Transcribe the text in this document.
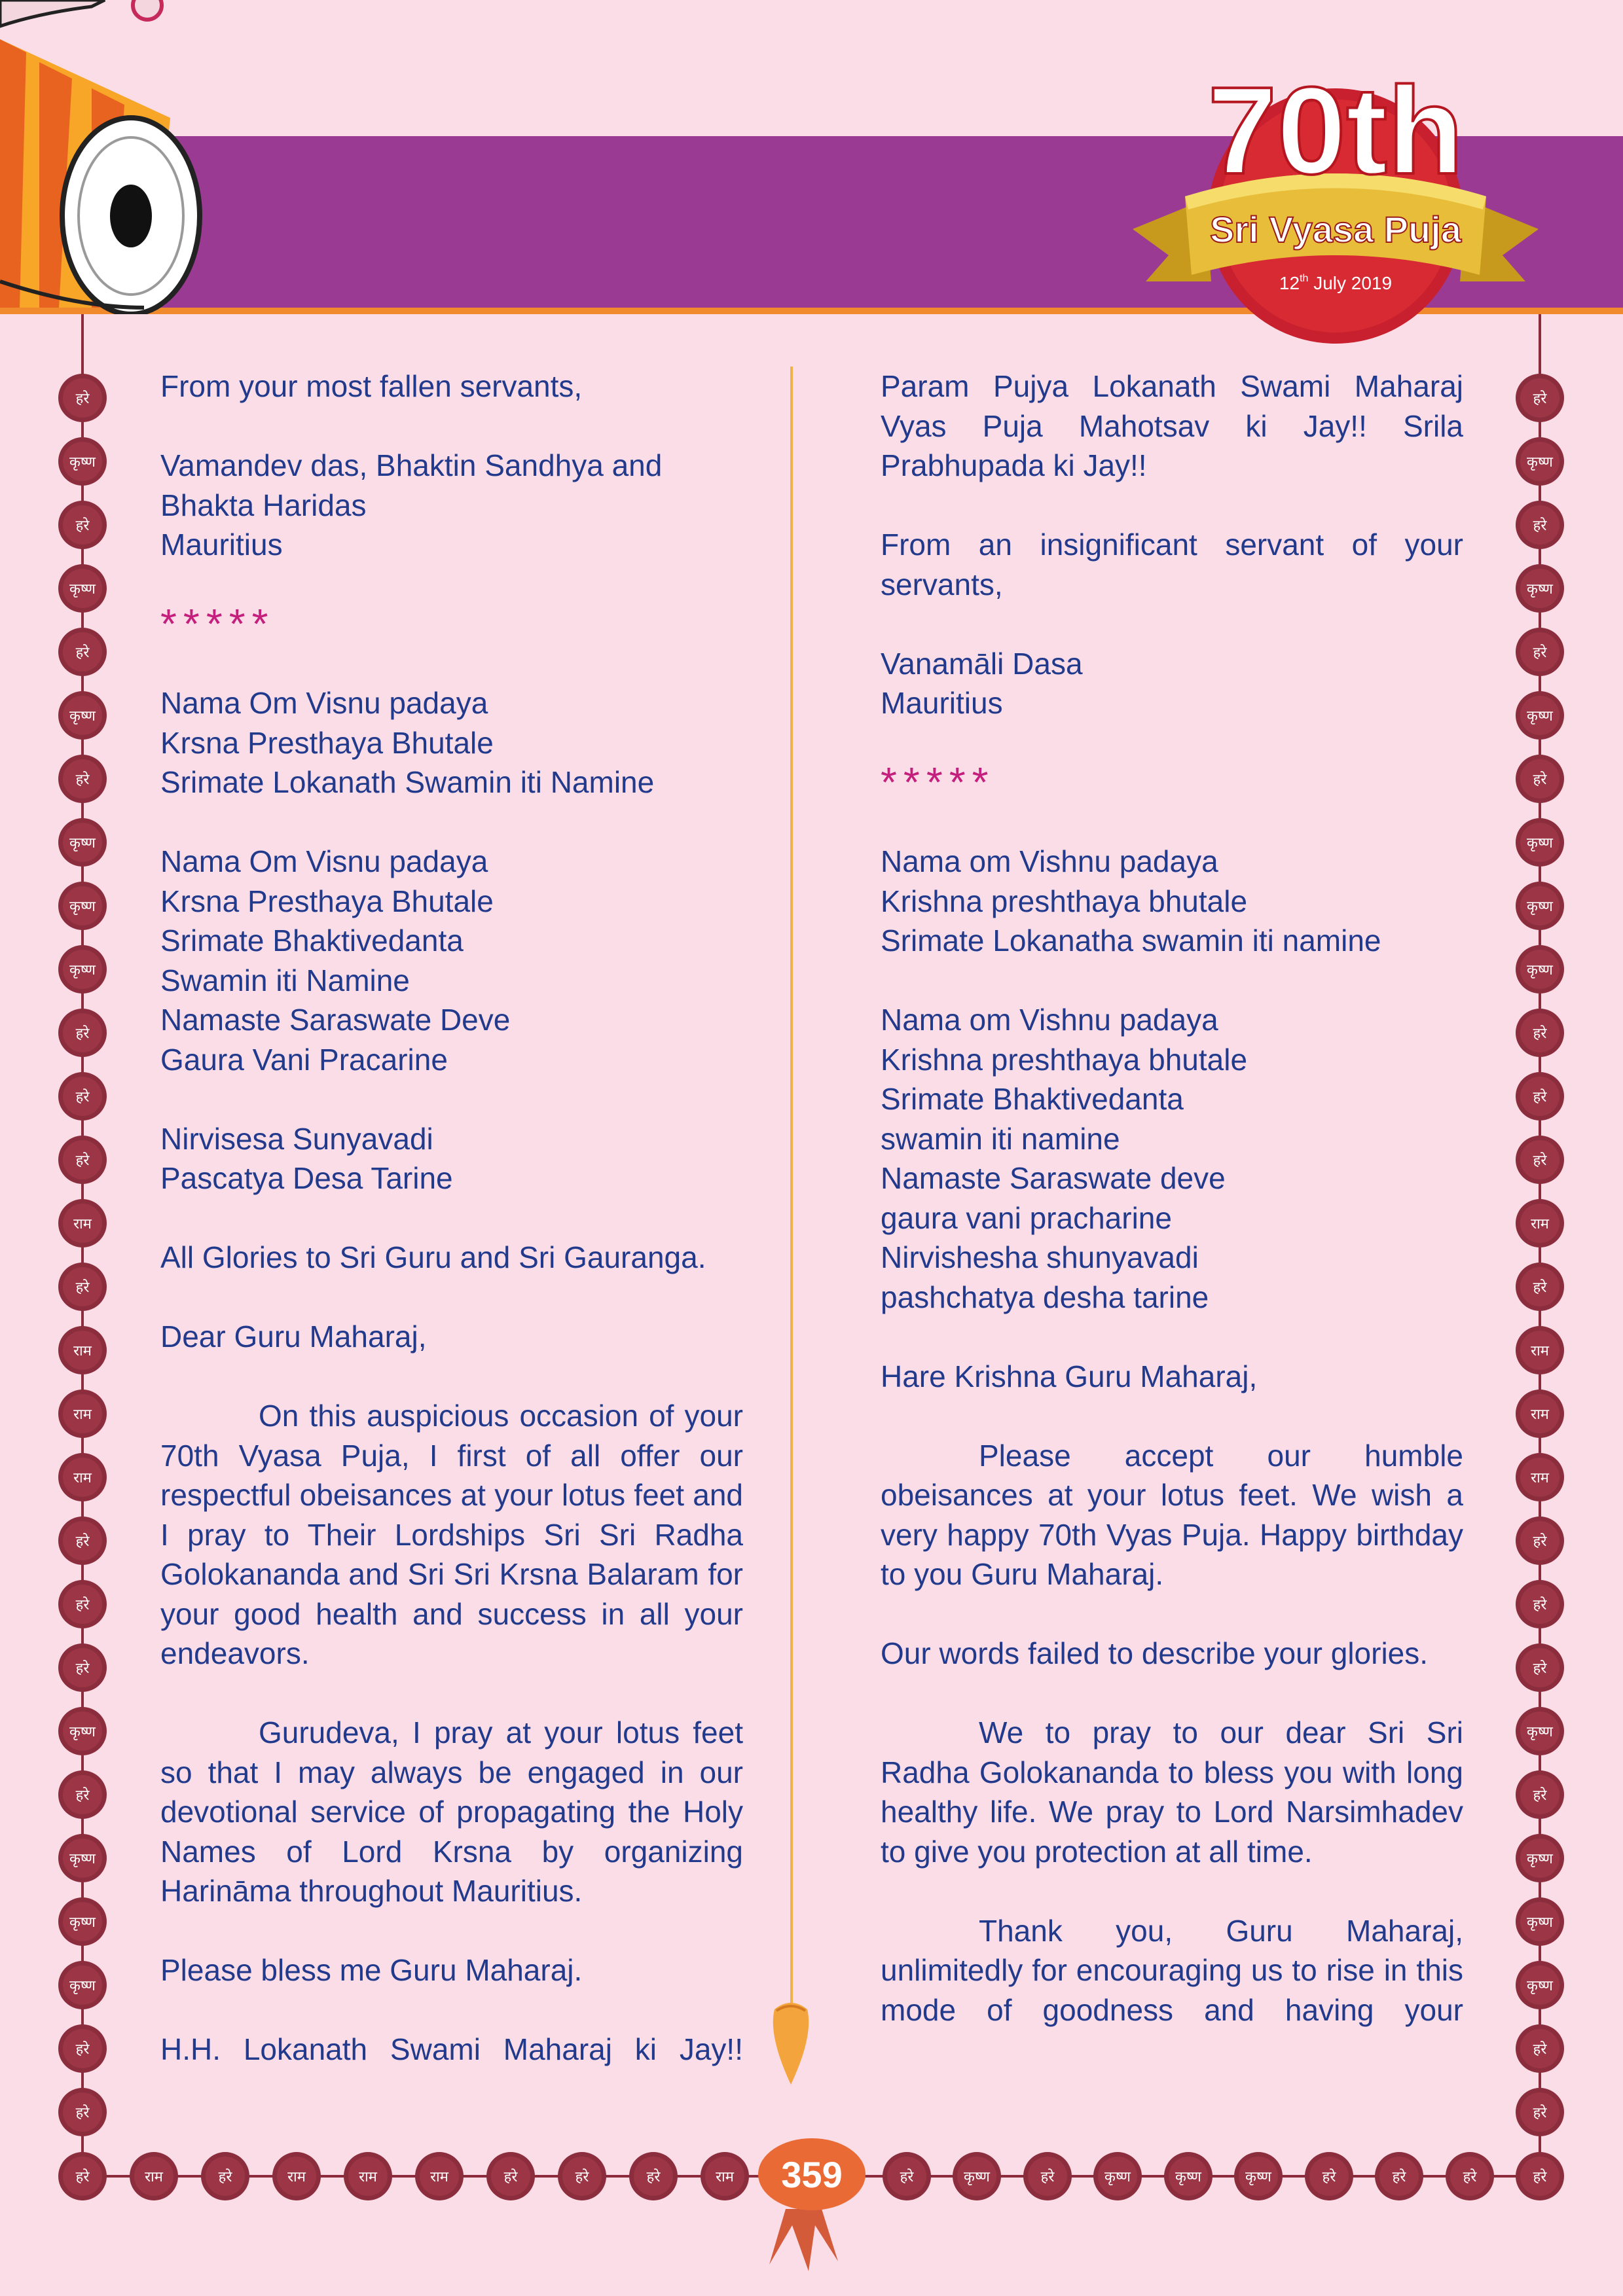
70th
Sri Vyasa Puja
12th July 2019
हरे
कृष्ण
हरे
कृष्ण
हरे
कृष्ण
हरे
कृष्ण
कृष्ण
कृष्ण
हरे
हरे
हरे
राम
हरे
राम
राम
राम
हरे
हरे
हरे
कृष्ण
हरे
कृष्ण
कृष्ण
कृष्ण
हरे
हरे
हरे
कृष्ण
हरे
कृष्ण
हरे
कृष्ण
हरे
कृष्ण
कृष्ण
कृष्ण
हरे
हरे
हरे
राम
हरे
राम
राम
राम
हरे
हरे
हरे
कृष्ण
हरे
कृष्ण
कृष्ण
कृष्ण
हरे
हरे
हरे	राम	हरे	राम	राम	राम	हरे	हरे	हरे	राम	हरे	कृष्ण	हरे	कृष्ण	कृष्ण	कृष्ण	हरे	हरे	हरे	हरे
359

From your most fallen servants,

Vamandev das, Bhaktin Sandhya and
Bhakta Haridas
Mauritius

*****

Nama Om Visnu padaya
Krsna Presthaya Bhutale
Srimate Lokanath Swamin iti Namine

Nama Om Visnu padaya
Krsna Presthaya Bhutale
Srimate Bhaktivedanta
Swamin iti Namine
Namaste Saraswate Deve
Gaura Vani Pracarine

Nirvisesa Sunyavadi
Pascatya Desa Tarine

All Glories to Sri Guru and Sri Gauranga.

Dear Guru Maharaj,

On this auspicious occasion of your 70th Vyasa Puja, I first of all offer our respectful obeisances at your lotus feet and I pray to Their Lordships Sri Sri Radha Golokananda and Sri Sri Krsna Balaram for your good health and success in all your endeavors.

Gurudeva, I pray at your lotus feet so that I may always be engaged in our devotional service of propagating the Holy Names of Lord Krsna by organizing Harināma throughout Mauritius.

Please bless me Guru Maharaj.

H.H. Lokanath Swami Maharaj ki Jay!!

Param Pujya Lokanath Swami Maharaj Vyas Puja Mahotsav ki Jay!! Srila Prabhupada ki Jay!!

From an insignificant servant of your servants,

Vanamāli Dasa
Mauritius

*****

Nama om Vishnu padaya
Krishna preshthaya bhutale
Srimate Lokanatha swamin iti namine

Nama om Vishnu padaya
Krishna preshthaya bhutale
Srimate Bhaktivedanta
swamin iti namine
Namaste Saraswate deve
gaura vani pracharine
Nirvishesha shunyavadi
pashchatya desha tarine

Hare Krishna Guru Maharaj,

Please accept our humble obeisances at your lotus feet. We wish a very happy 70th Vyas Puja. Happy birthday to you Guru Maharaj.

Our words failed to describe your glories.

We to pray to our dear Sri Sri Radha Golokananda to bless you with long healthy life. We pray to Lord Narsimhadev to give you protection at all time.

Thank you, Guru Maharaj, unlimitedly for encouraging us to rise in this mode of goodness and having your
